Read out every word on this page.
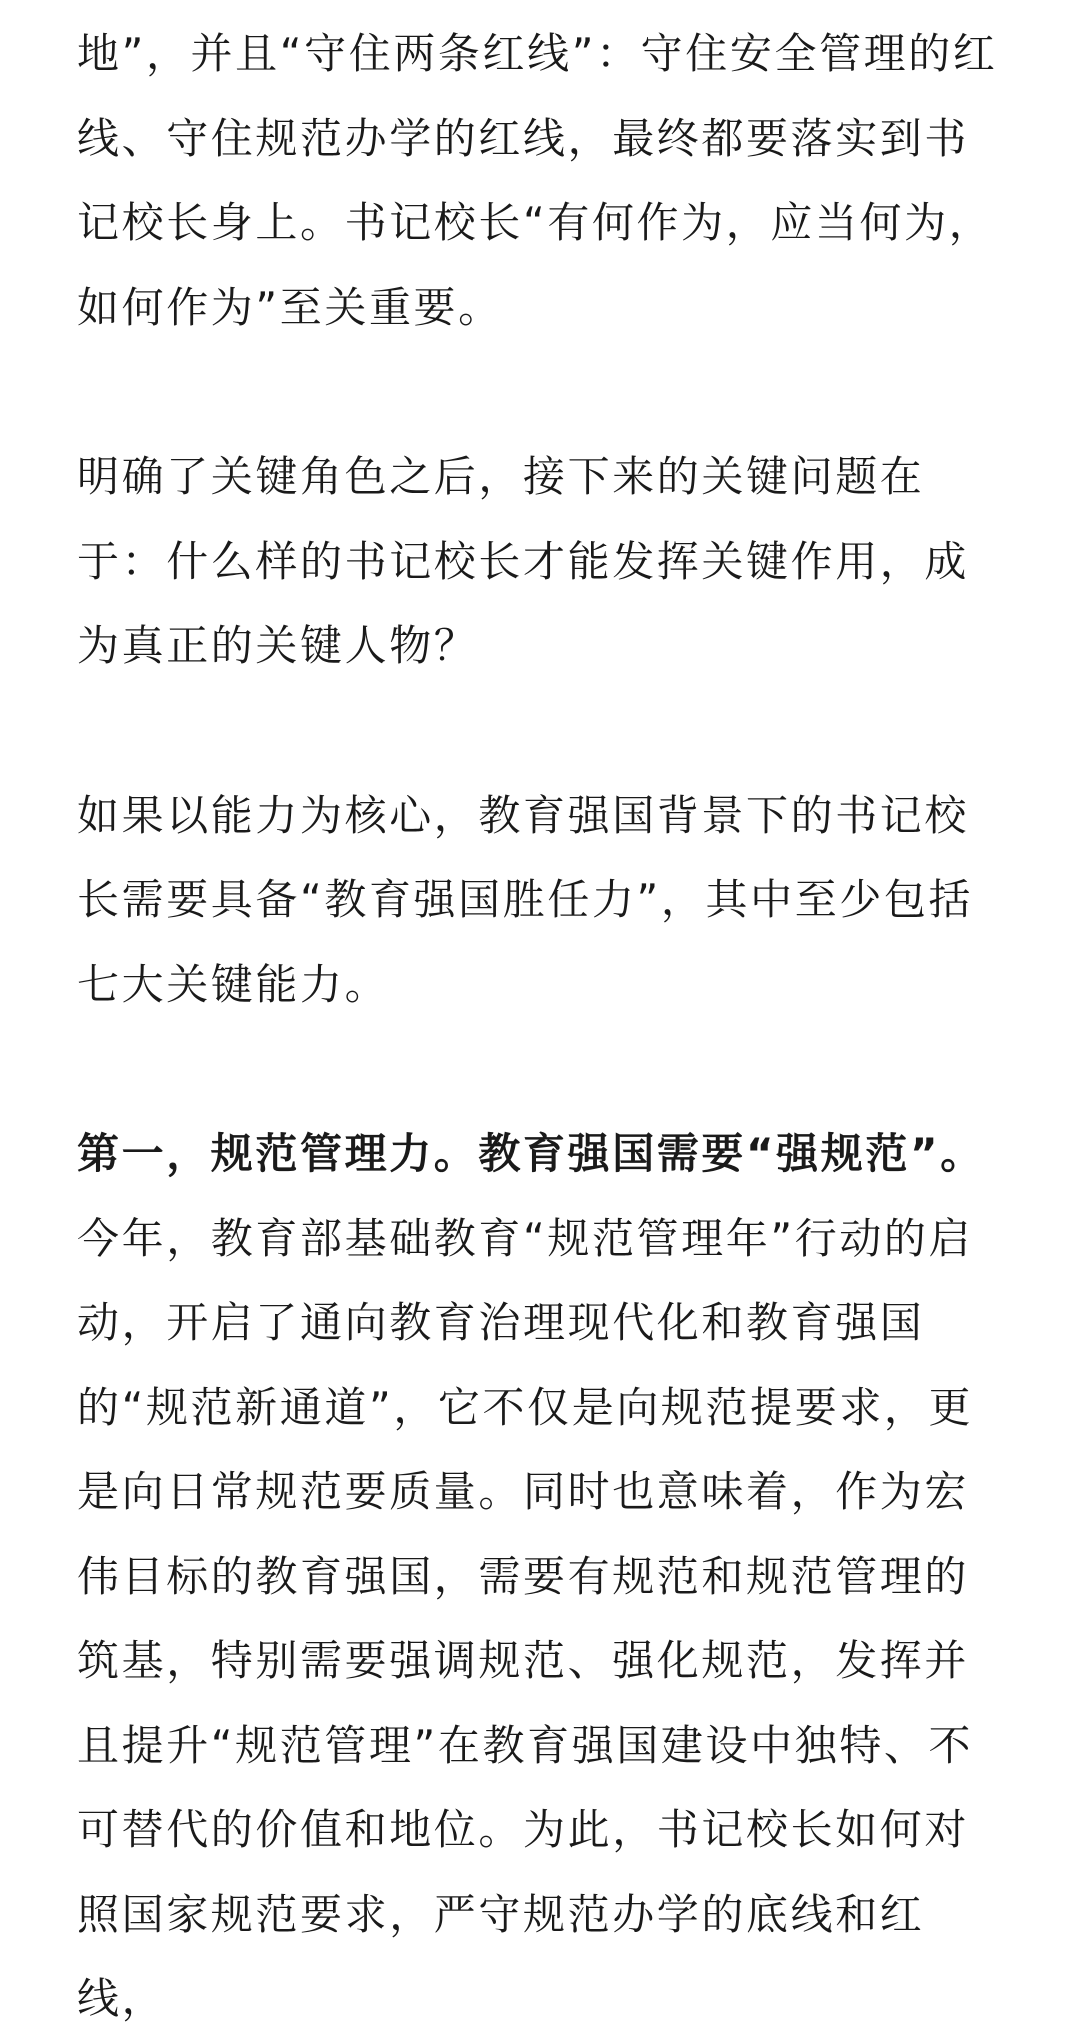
地”，并且“守住两条红线”：守住安全管理的红线、守住规范办学的红线，最终都要落实到书记校长身上。书记校长“有何作为，应当何为，如何作为”至关重要。

明确了关键角色之后，接下来的关键问题在于：什么样的书记校长才能发挥关键作用，成为真正的关键人物？

如果以能力为核心，教育强国背景下的书记校长需要具备“教育强国胜任力”，其中至少包括七大关键能力。

第一，规范管理力。教育强国需要“强规范”。
今年，教育部基础教育“规范管理年”行动的启动，开启了通向教育治理现代化和教育强国的“规范新通道”，它不仅是向规范提要求，更是向日常规范要质量。同时也意味着，作为宏伟目标的教育强国，需要有规范和规范管理的筑基，特别需要强调规范、强化规范，发挥并且提升“规范管理”在教育强国建设中独特、不可替代的价值和地位。为此，书记校长如何对照国家规范要求，严守规范办学的底线和红线，
